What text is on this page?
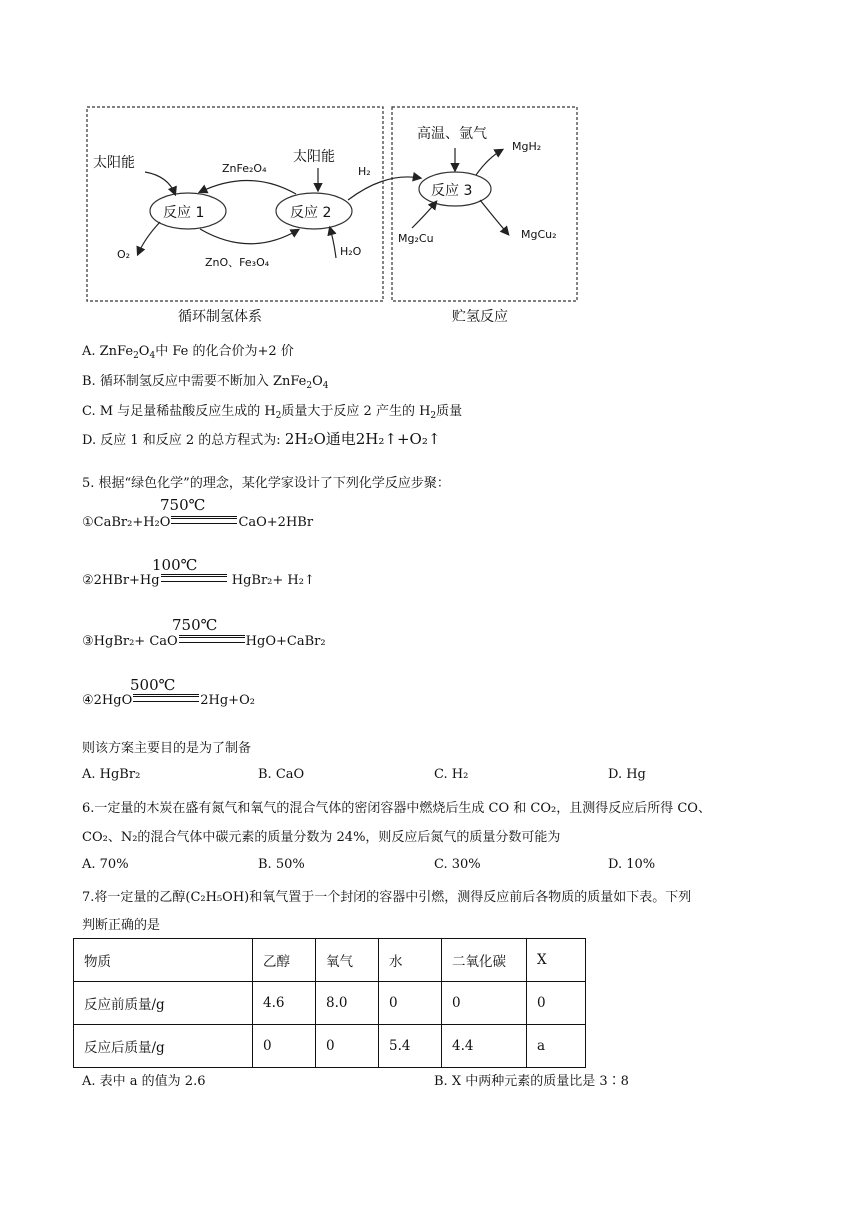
太阳能	ZnFe₂O₄
太阳能
H₂
反应 1	反应 2
反应 3
O₂
ZnO、Fe₃O₄
H₂O
高温、氩气
MgH₂
Mg₂Cu	MgCu₂
循环制氢体系	贮氢反应
A. $ZnFe_2O_4$中 Fe 的化合价为+2 价
B. 循环制氢反应中需要不断加入 $ZnFe_2O_4$
C. M 与足量稀盐酸反应生成的 $H_2$质量大于反应 2 产生的 $H_2$质量
D. 反应 1 和反应 2 的总方程式为: 2H₂O通电2H₂↑+O₂↑
5. 根据“绿色化学”的理念，某化学家设计了下列化学反应步聚：
①CaBr₂+H₂O	CaO+2HBr
750℃
②2HBr+Hg	HgBr₂+ H₂↑
100℃
③HgBr₂+ CaO	HgO+CaBr₂
750℃
④2HgO	2Hg+O₂
500℃
则该方案主要目的是为了制备
A. HgBr₂	B. CaO	C. H₂	D. Hg
6.一定量的木炭在盛有氮气和氧气的混合气体的密闭容器中燃烧后生成 CO 和 CO₂，且测得反应后所得 CO、
CO₂、N₂的混合气体中碳元素的质量分数为 24%，则反应后氮气的质量分数可能为
A. 70%	B. 50%	C. 30%	D. 10%
7.将一定量的乙醇(C₂H₅OH)和氧气置于一个封闭的容器中引燃，测得反应前后各物质的质量如下表。下列
判断正确的是
物质	乙醇	氧气	水	二氧化碳	X
反应前质量/g	4.6	8.0	0	0	0
反应后质量/g	0	0	5.4	4.4	a
A. 表中 a 的值为 2.6	B. X 中两种元素的质量比是 3∶8
